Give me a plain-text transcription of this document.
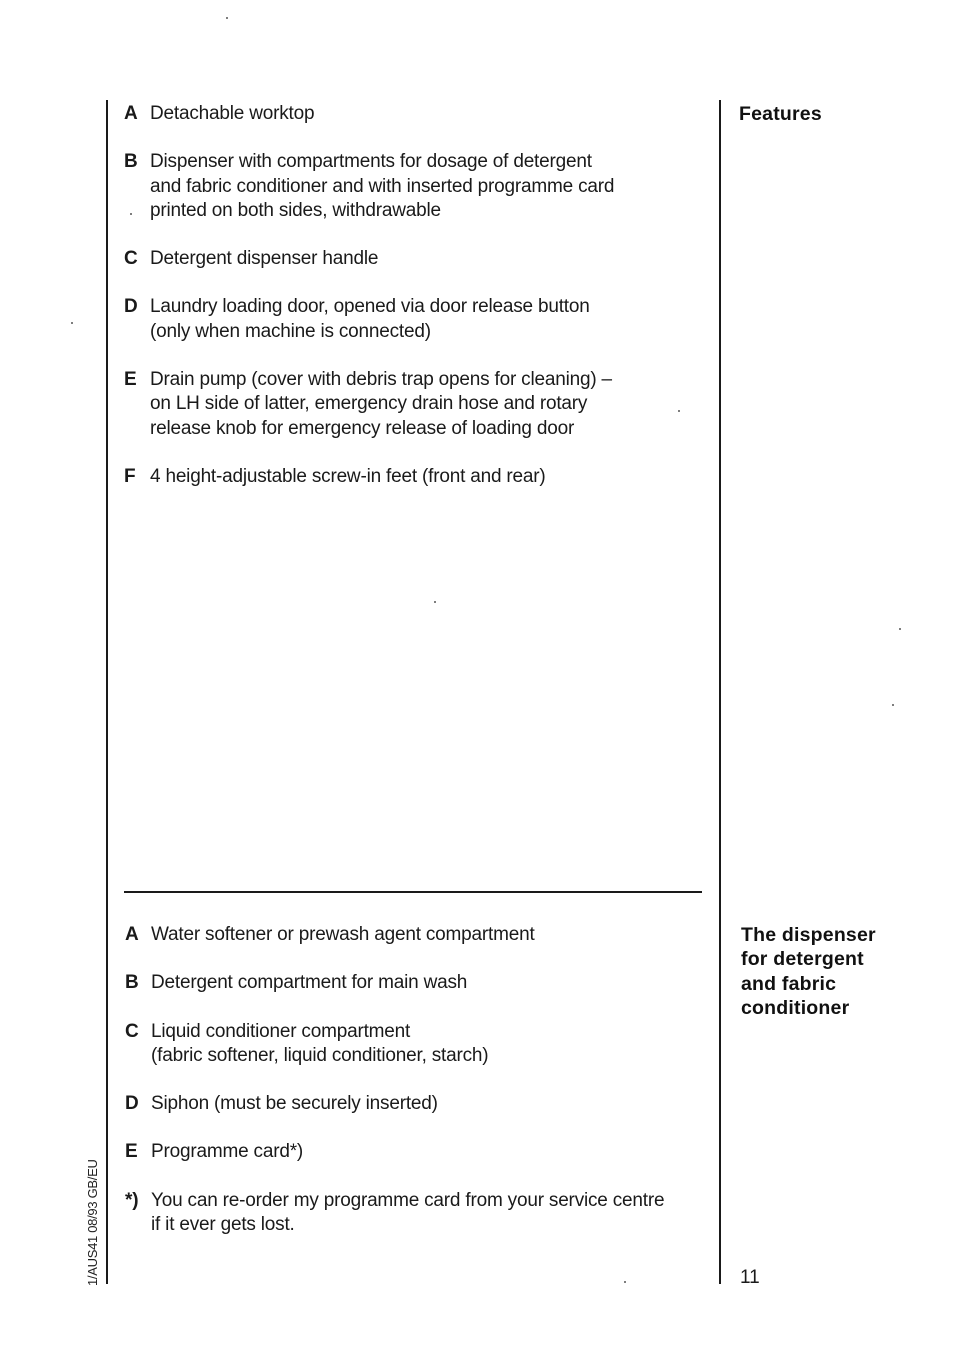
A Detachable worktop
B Dispenser with compartments for dosage of detergent
and fabric conditioner and with inserted programme card
printed on both sides, withdrawable
C Detergent dispenser handle
D Laundry loading door, opened via door release button
(only when machine is connected)
E Drain pump (cover with debris trap opens for cleaning) –
on LH side of latter, emergency drain hose and rotary
release knob for emergency release of loading door
F 4 height-adjustable screw-in feet (front and rear)
Features
A Water softener or prewash agent compartment
B Detergent compartment for main wash
C Liquid conditioner compartment
(fabric softener, liquid conditioner, starch)
D Siphon (must be securely inserted)
E Programme card*)
*) You can re-order my programme card from your service centre
if it ever gets lost.
The dispenser
for detergent
and fabric
conditioner
11
1/AUS41 08/93 GB/EU
